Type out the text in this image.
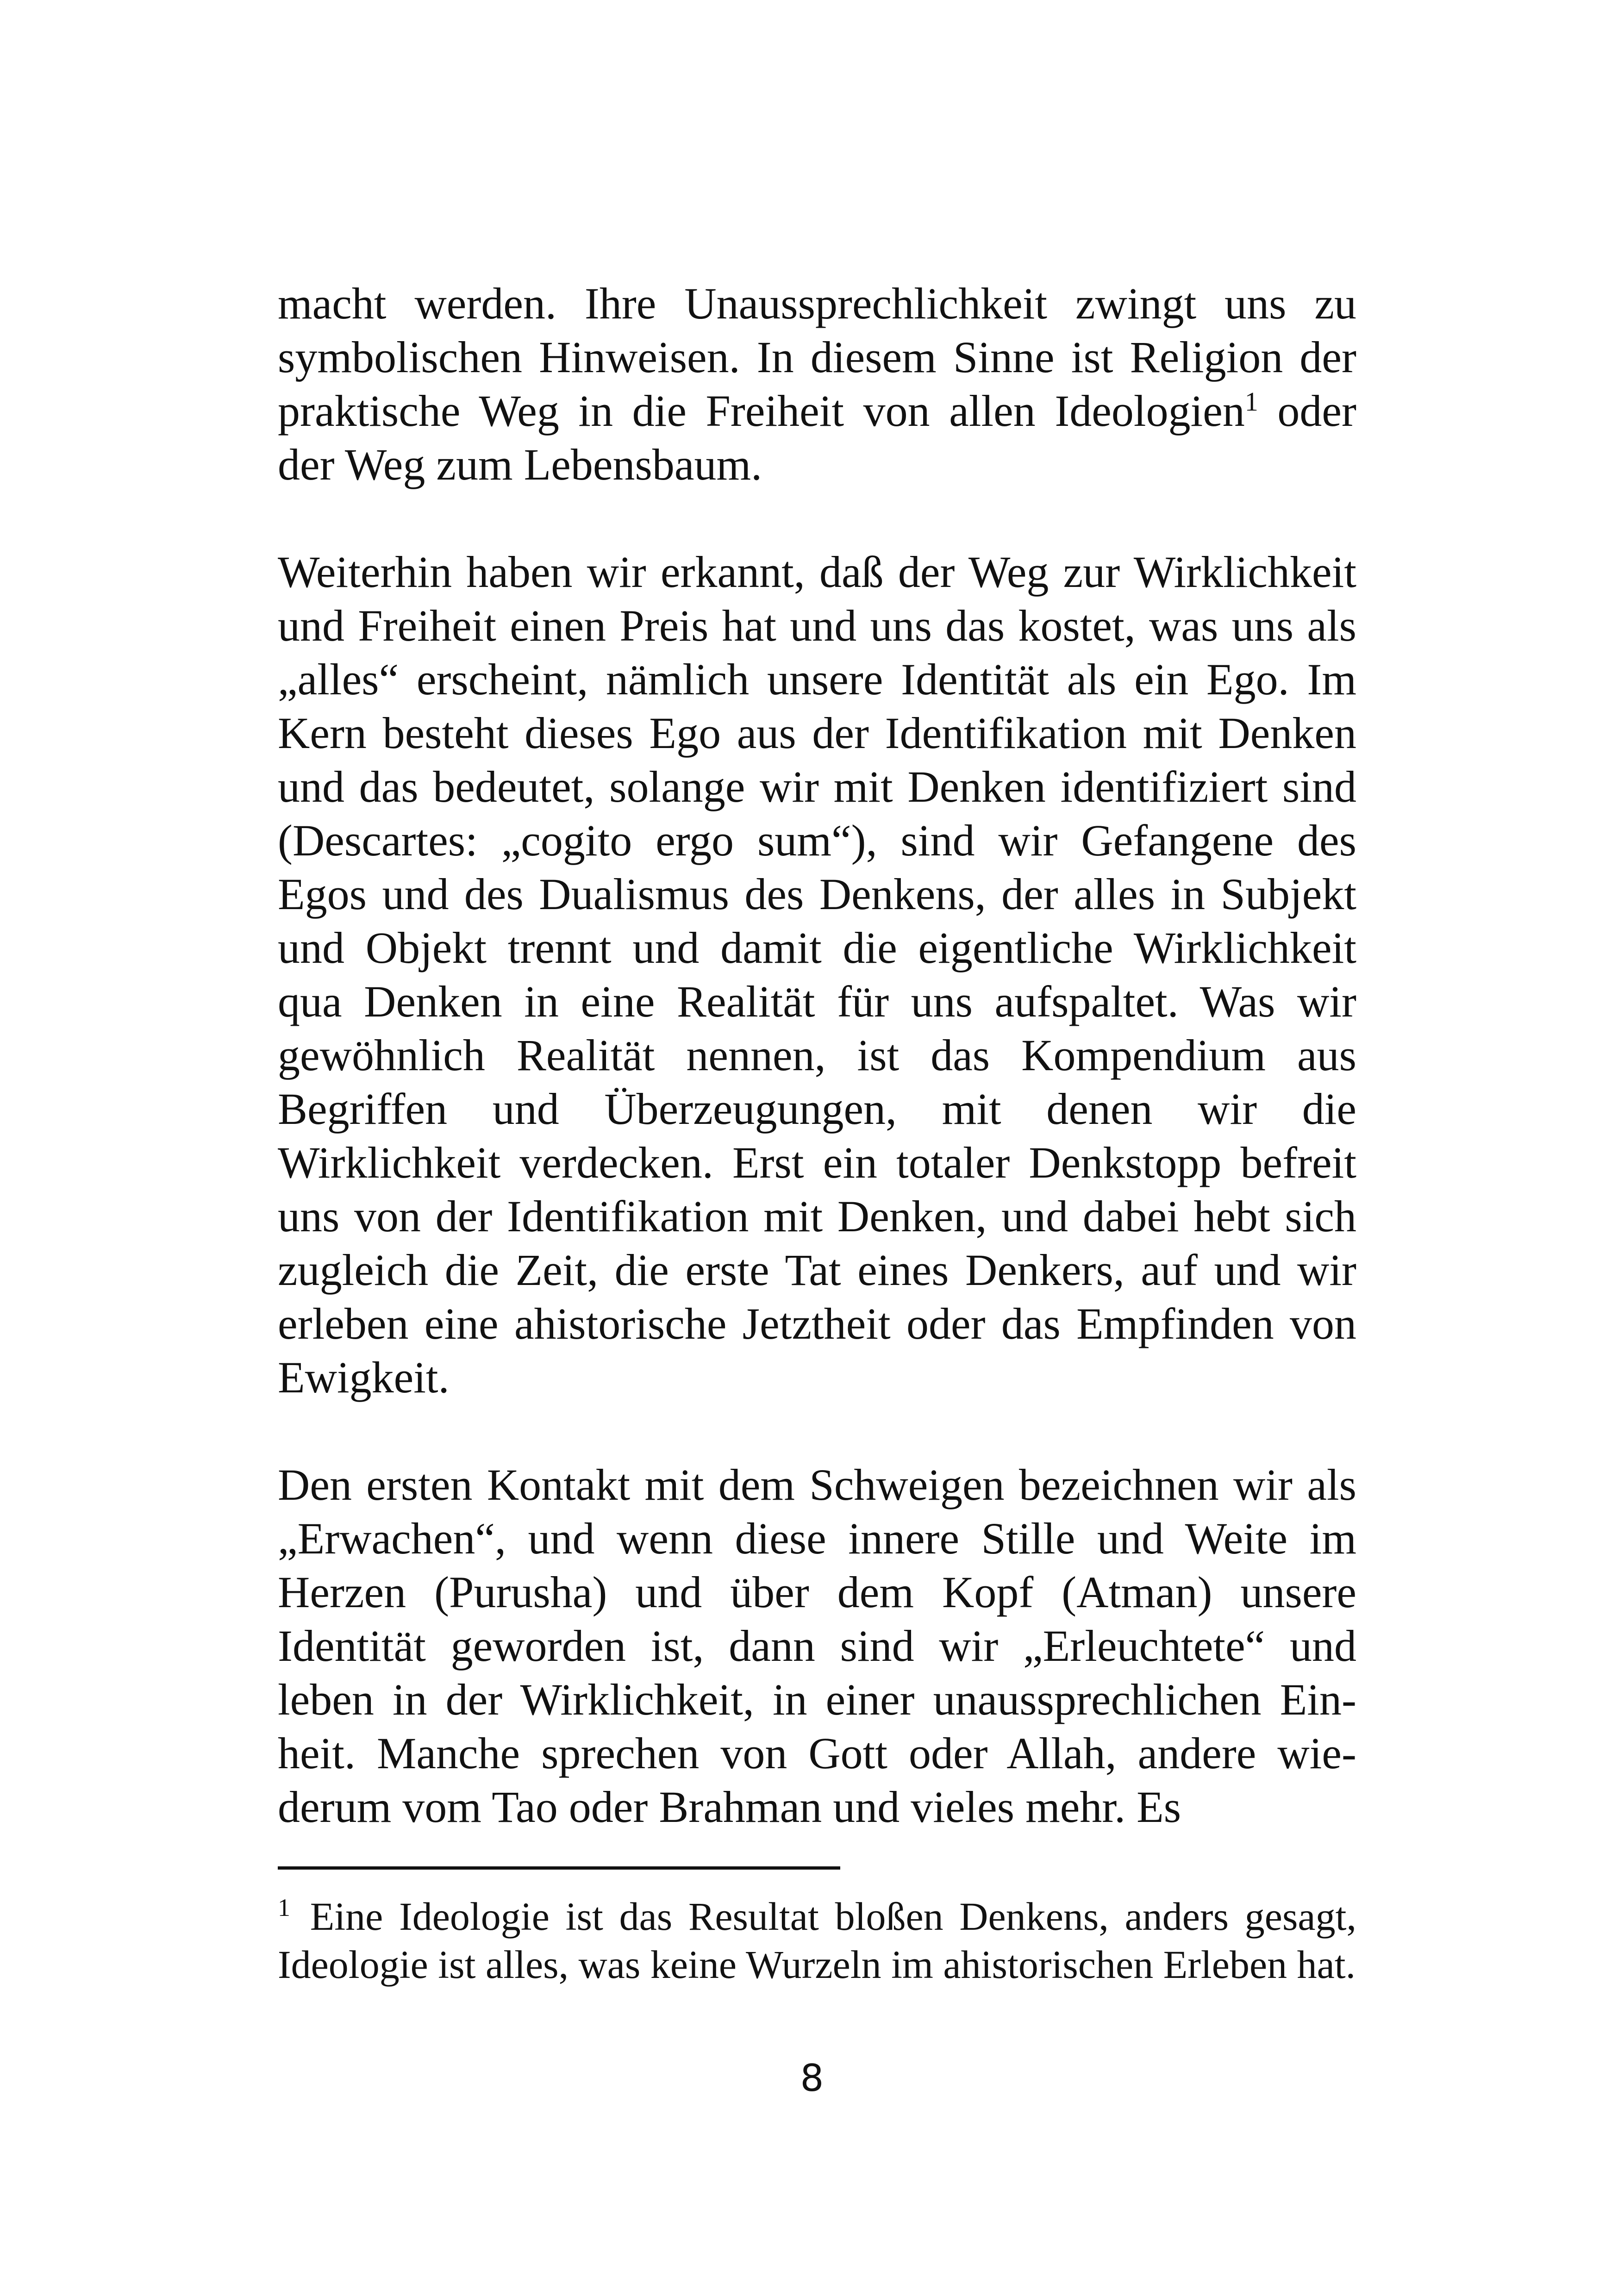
macht werden. Ihre Unaussprechlichkeit zwingt uns zu symbolischen Hinweisen. In diesem Sinne ist Religion der praktische Weg in die Freiheit von allen Ideologien$^1$ oder der Weg zum Lebensbaum.

Weiterhin haben wir erkannt, daß der Weg zur Wirklichkeit und Freiheit einen Preis hat und uns das kostet, was uns als „alles“ erscheint, nämlich unsere Identität als ein Ego. Im Kern besteht dieses Ego aus der Identifikation mit Denken und das bedeutet, solange wir mit Denken identifiziert sind (Descartes: „cogito ergo sum“), sind wir Gefangene des Egos und des Dualismus des Denkens, der alles in Subjekt und Objekt trennt und damit die eigentliche Wirklichkeit qua Denken in eine Realität für uns aufspaltet. Was wir gewöhnlich Realität nennen, ist das Kompendium aus Begriffen und Überzeugungen, mit denen wir die Wirklichkeit verdecken. Erst ein totaler Denkstopp befreit uns von der Identifikation mit Denken, und dabei hebt sich zugleich die Zeit, die erste Tat eines Denkers, auf und wir erleben eine ahistorische Jetztheit oder das Empfinden von Ewigkeit.

Den ersten Kontakt mit dem Schweigen bezeichnen wir als „Erwachen“, und wenn diese innere Stille und Weite im Herzen (Purusha) und über dem Kopf (Atman) unsere Identität geworden ist, dann sind wir „Erleuchtete“ und leben in der Wirklichkeit, in einer unaussprechlichen Einheit. Manche sprechen von Gott oder Allah, andere wiederum vom Tao oder Brahman und vieles mehr. Es

$^1$ Eine Ideologie ist das Resultat bloßen Denkens, anders gesagt, Ideologie ist alles, was keine Wurzeln im ahistorischen Erleben hat.

8
